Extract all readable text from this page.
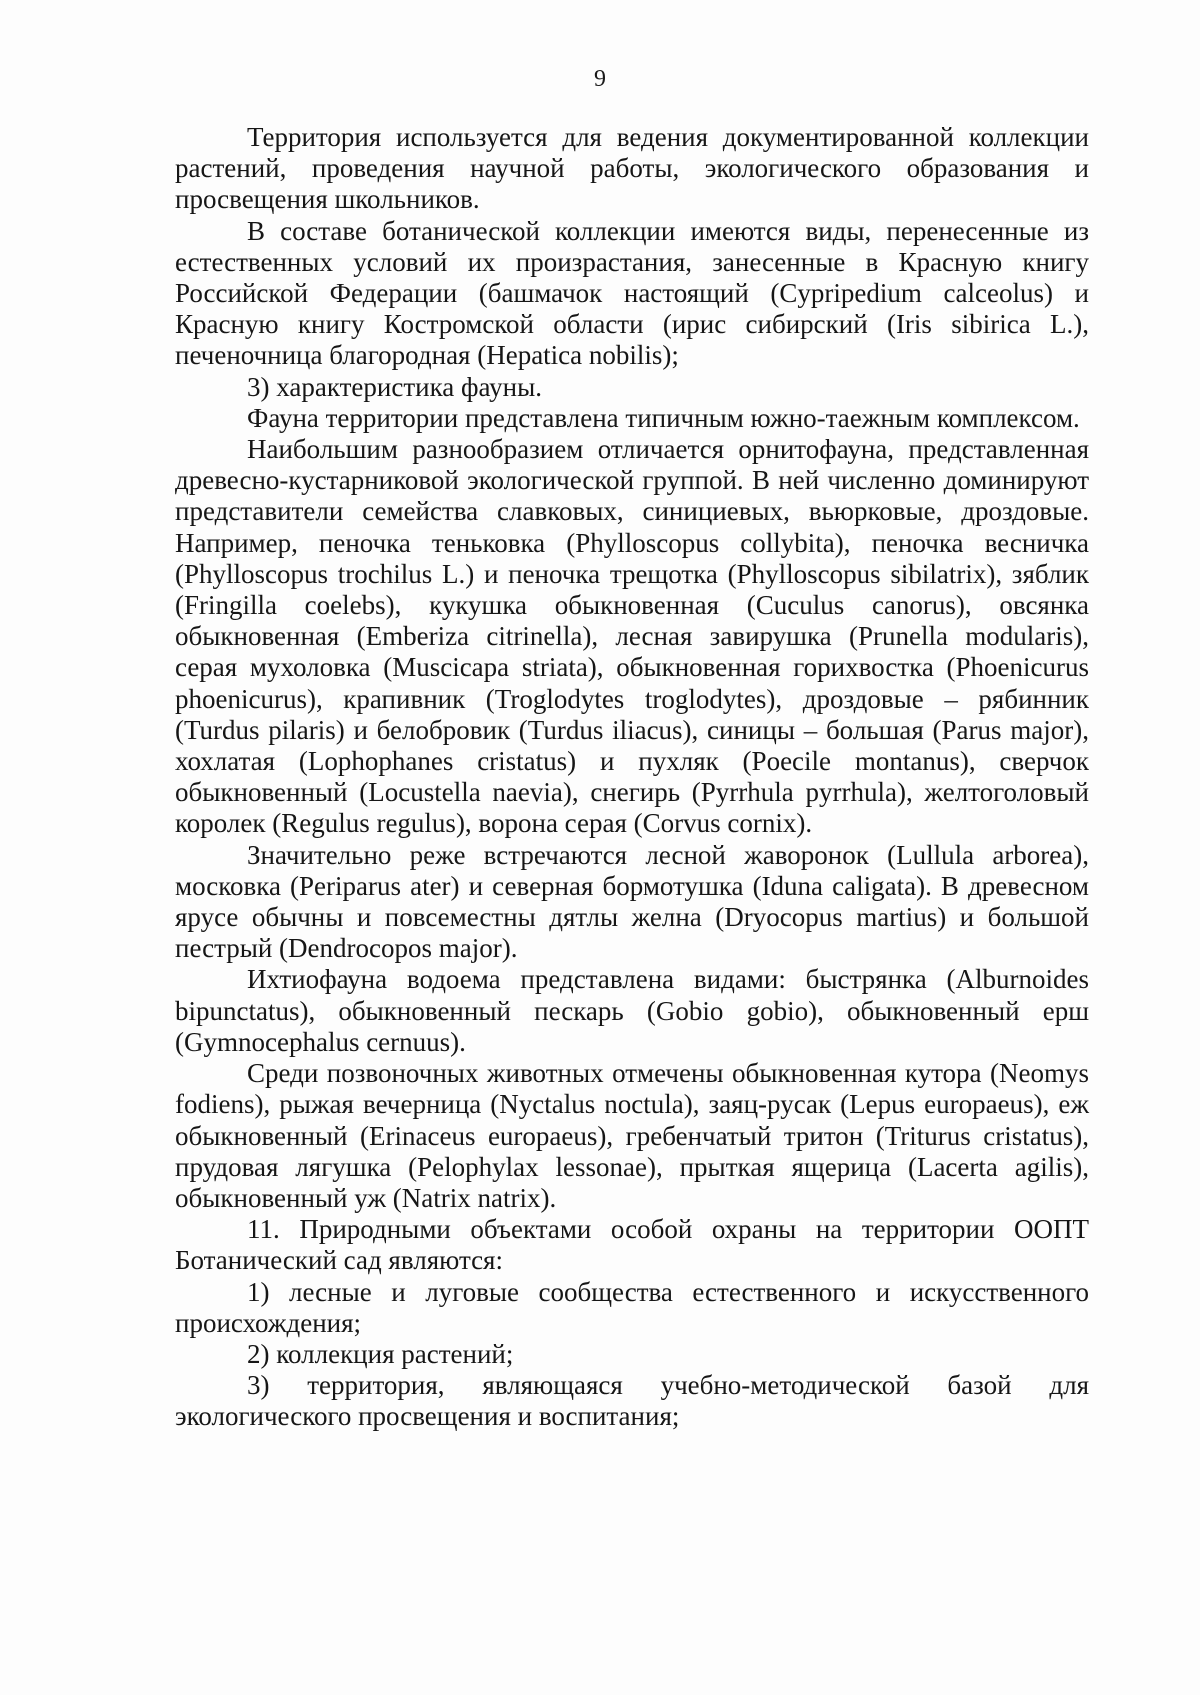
9

Территория используется для ведения документированной коллекции растений, проведения научной работы, экологического образования и просвещения школьников.

В составе ботанической коллекции имеются виды, перенесенные из естественных условий их произрастания, занесенные в Красную книгу Российской Федерации (башмачок настоящий (Cypripedium calceolus) и Красную книгу Костромской области (ирис сибирский (Iris sibirica L.), печеночница благородная (Hepatica nobilis);

3) характеристика фауны.

Фауна территории представлена типичным южно-таежным комплексом.

Наибольшим разнообразием отличается орнитофауна, представленная древесно-кустарниковой экологической группой. В ней численно доминируют представители семейства славковых, синициевых, вьюрковые, дроздовые. Например, пеночка теньковка (Phylloscopus collybita), пеночка весничка (Phylloscopus trochilus L.) и пеночка трещотка (Phylloscopus sibilatrix), зяблик (Fringilla coelebs), кукушка обыкновенная (Cuculus canorus), овсянка обыкновенная (Emberiza citrinella), лесная завирушка (Prunella modularis), серая мухоловка (Muscicapa striata), обыкновенная горихвостка (Phoenicurus phoenicurus), крапивник (Troglodytes troglodytes), дроздовые – рябинник (Turdus pilaris) и белобровик (Turdus iliacus), синицы – большая (Parus major), хохлатая (Lophophanes cristatus) и пухляк (Poecile montanus), сверчок обыкновенный (Locustella naevia), снегирь (Pyrrhula pyrrhula), желтоголовый королек (Regulus regulus), ворона серая (Corvus cornix).

Значительно реже встречаются лесной жаворонок (Lullula arborea), московка (Periparus ater) и северная бормотушка (Iduna caligata). В древесном ярусе обычны и повсеместны дятлы желна (Dryocopus martius) и большой пестрый (Dendrocopos major).

Ихтиофауна водоема представлена видами: быстрянка (Alburnoides bipunctatus), обыкновенный пескарь (Gobio gobio), обыкновенный ерш (Gymnocephalus cernuus).

Среди позвоночных животных отмечены обыкновенная кутора (Neomys fodiens), рыжая вечерница (Nyctalus noctula), заяц-русак (Lepus europaeus), еж обыкновенный (Erinaceus europaeus), гребенчатый тритон (Triturus cristatus), прудовая лягушка (Pelophylax lessonae), прыткая ящерица (Lacerta agilis), обыкновенный уж (Natrix natrix).

11. Природными объектами особой охраны на территории ООПТ Ботанический сад являются:

1) лесные и луговые сообщества естественного и искусственного происхождения;

2) коллекция растений;

3) территория, являющаяся учебно-методической базой для экологического просвещения и воспитания;
